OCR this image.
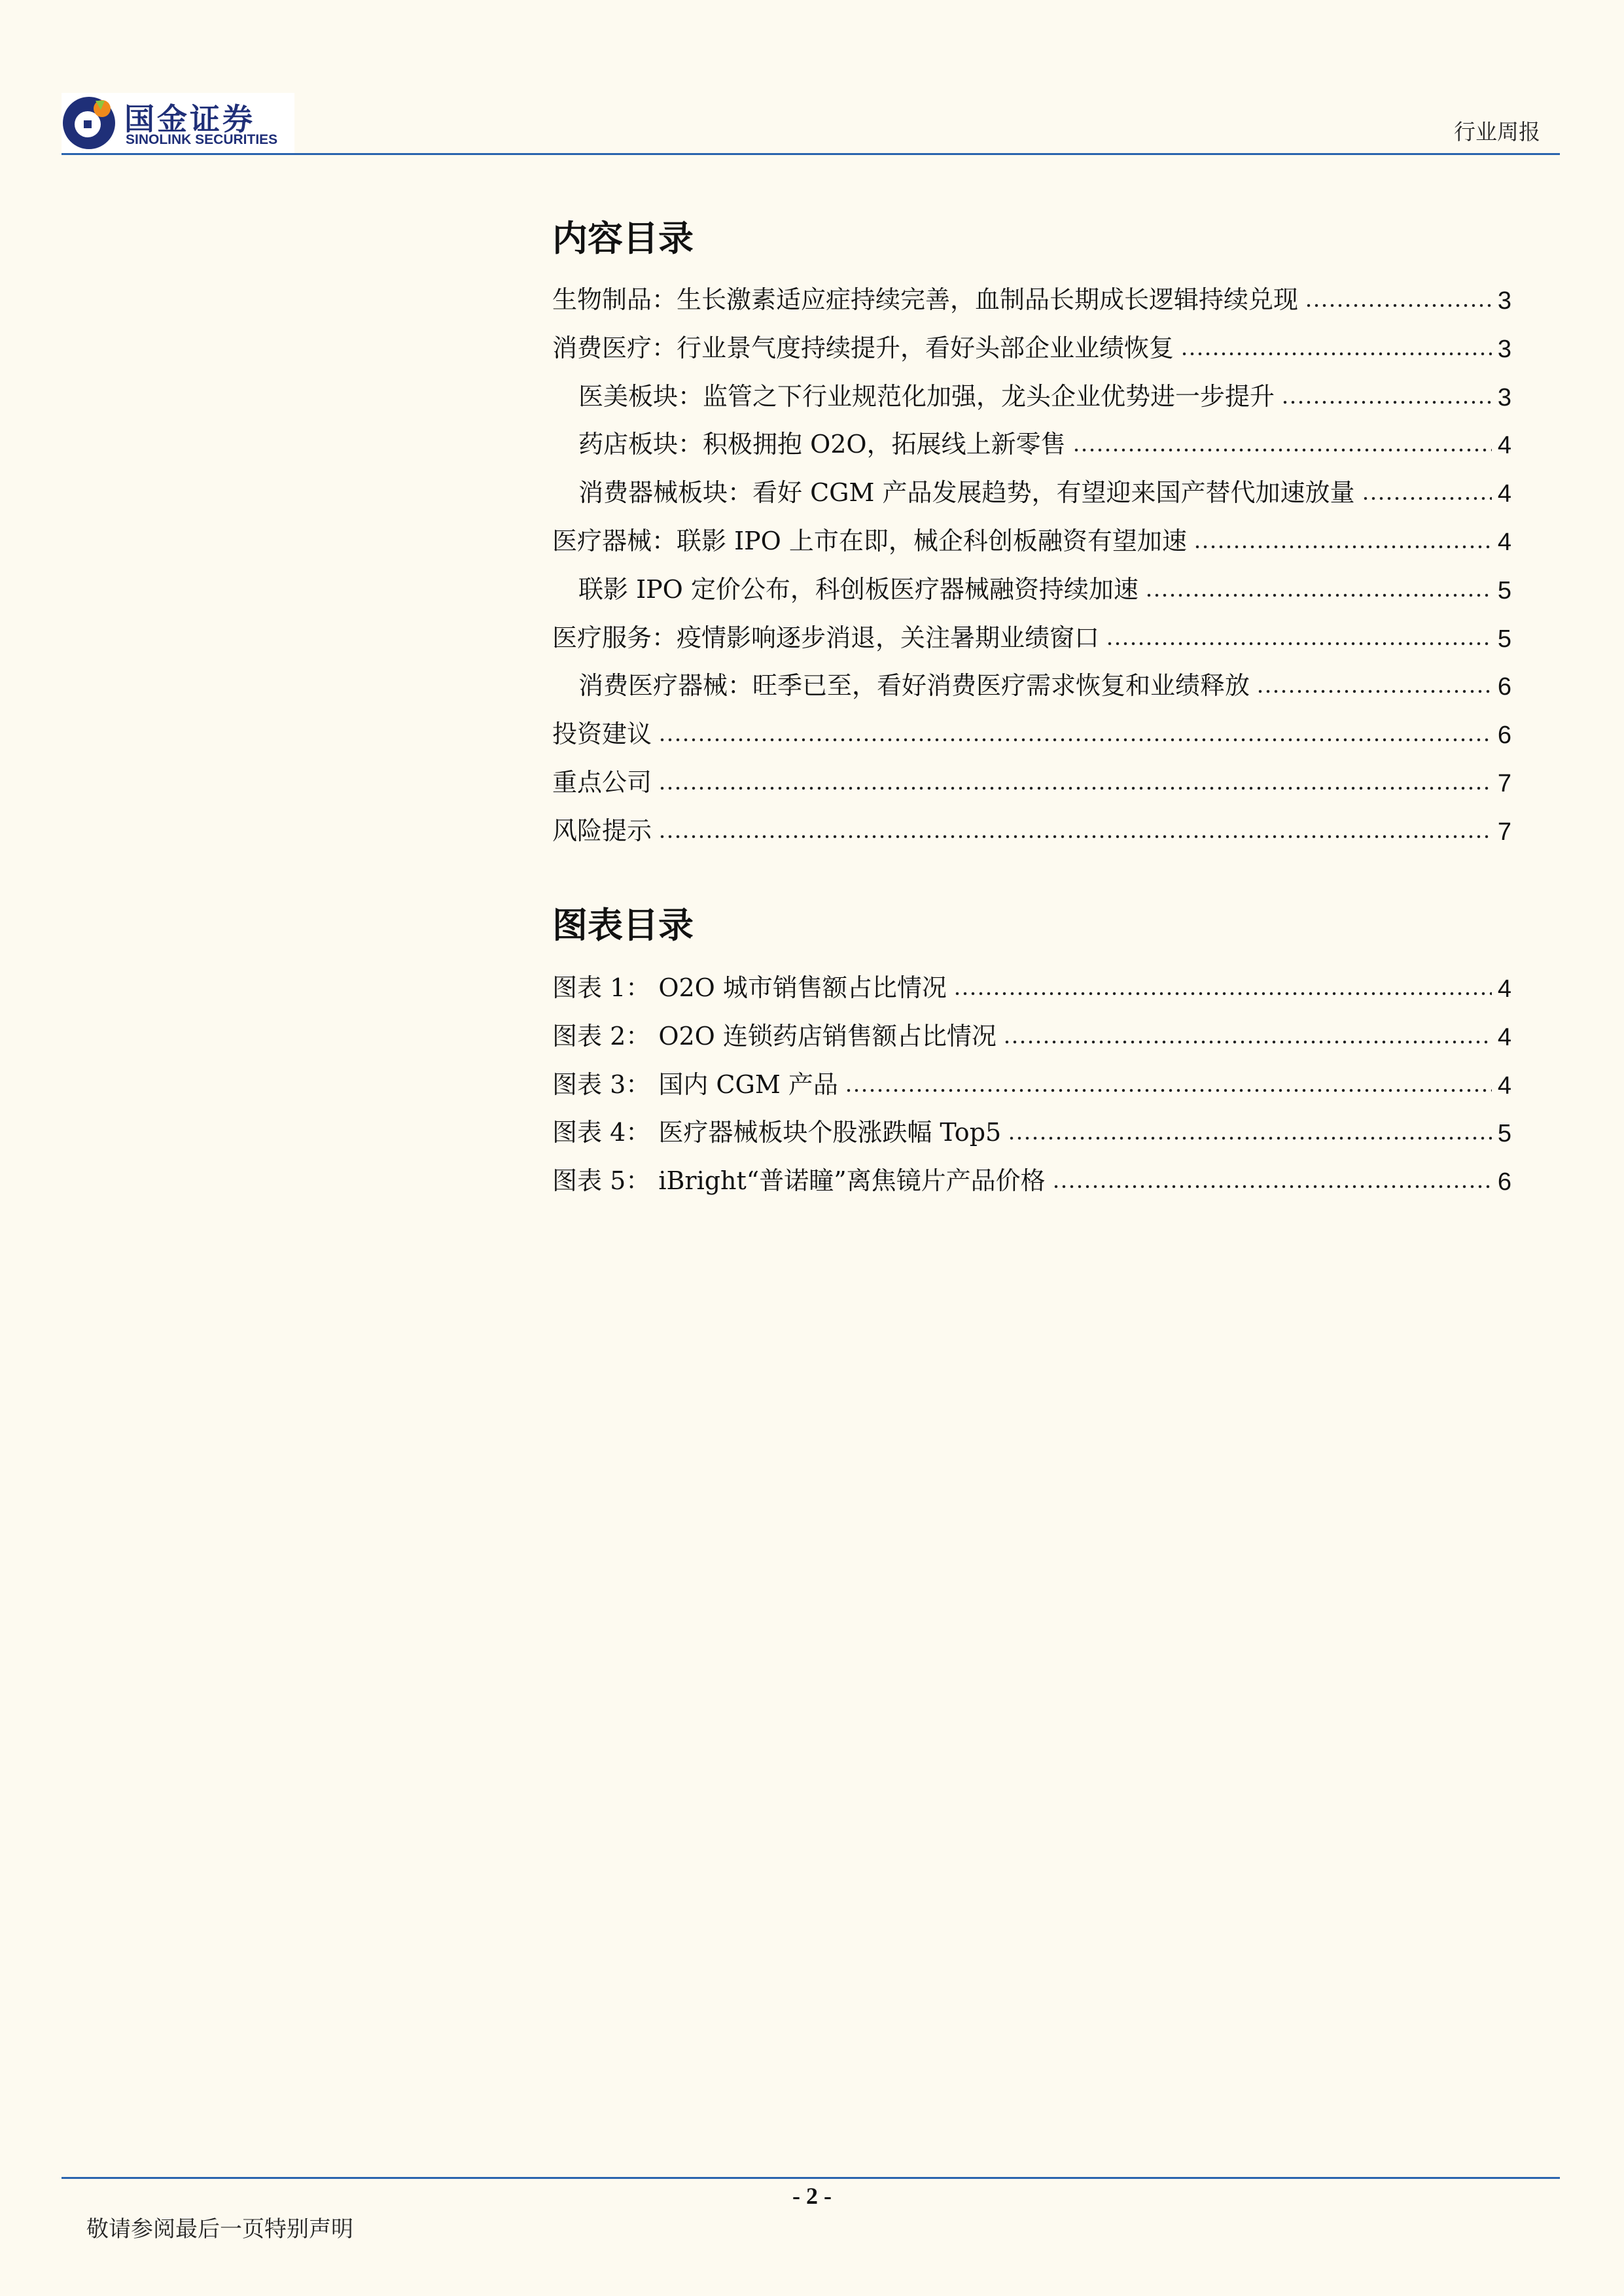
国金证券
SINOLINK SECURITIES	行业周报
内容目录
生物制品：生长激素适应症持续完善，血制品长期成长逻辑持续兑现	3
消费医疗：行业景气度持续提升，看好头部企业业绩恢复	3
医美板块：监管之下行业规范化加强，龙头企业优势进一步提升	3
药店板块：积极拥抱 O2O，拓展线上新零售	4
消费器械板块：看好 CGM 产品发展趋势，有望迎来国产替代加速放量	4
医疗器械：联影 IPO 上市在即，械企科创板融资有望加速	4
联影 IPO 定价公布，科创板医疗器械融资持续加速	5
医疗服务：疫情影响逐步消退，关注暑期业绩窗口	5
消费医疗器械：旺季已至，看好消费医疗需求恢复和业绩释放	6
投资建议	6
重点公司	7
风险提示	7
图表目录
图表 1： O2O 城市销售额占比情况	4
图表 2： O2O 连锁药店销售额占比情况	4
图表 3： 国内 CGM 产品	4
图表 4： 医疗器械板块个股涨跌幅 Top5	5
图表 5： iBright“普诺瞳”离焦镜片产品价格	6
- 2 -
敬请参阅最后一页特别声明
